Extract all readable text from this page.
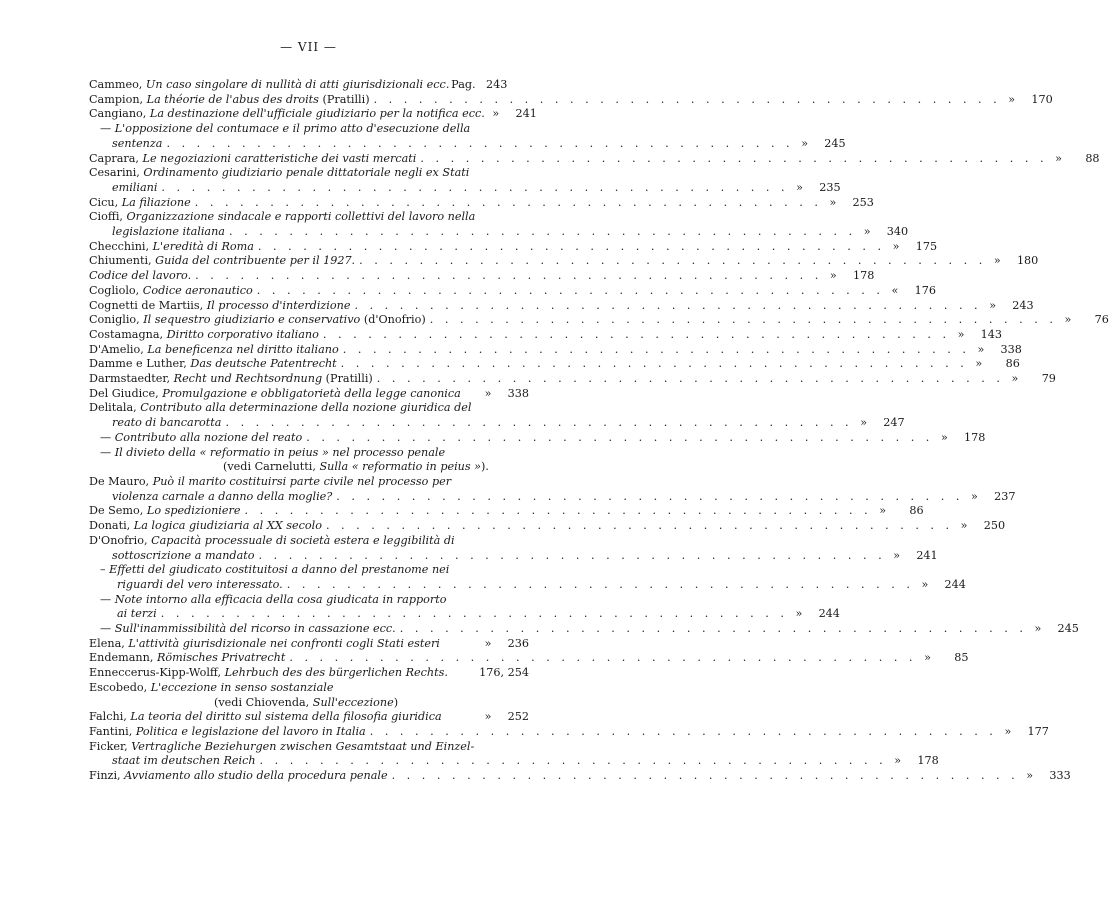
— VII —
Cammeo, Un caso singolare di nullità di atti giurisdizionali ecc. Pag. 243
Campion, La théorie de l'abus des droits (Pratilli) . . .	»	170
Cangiano, La destinazione dell'ufficiale giudiziario per la notifica ecc. »	241
— L'opposizione del contumace e il primo atto d'esecuzione della
sentenza . . .	»	245
Caprara, Le negoziazioni caratteristiche dei vasti mercati . . .	»	88
Cesarini, Ordinamento giudiziario penale dittatoriale negli ex Stati
emiliani . . .	»	235
Cicu, La filiazione . . .	»	253
Cioffi, Organizzazione sindacale e rapporti collettivi del lavoro nella
legislazione italiana . . .	»	340
Checchini, L'eredità di Roma . . .	»	175
Chiumenti, Guida del contribuente per il 1927. . . .	»	180
Codice del lavoro. . . .	»	178
Cogliolo, Codice aeronautico . . .	«	176
Cognetti de Martiis, Il processo d'interdizione . . .	»	243
Coniglio, Il sequestro giudiziario e conservativo (d'Onofrio) . . .	»	76
Costamagna, Diritto corporativo italiano . . .	»	143
D'Amelio, La beneficenza nel diritto italiano . . .	»	338
Damme e Luther, Das deutsche Patentrecht . . .	»	86
Darmstaedter, Recht und Rechtsordnung (Pratilli) . . .	»	79
Del Giudice, Promulgazione e obbligatorietà della legge canonica	»	338
Delitala, Contributo alla determinazione della nozione giuridica del
reato di bancarotta . . .	»	247
— Contributo alla nozione del reato . . .	»	178
— Il divieto della « reformatio in peius » nel processo penale
(vedi Carnelutti, Sulla « reformatio in peius »).
De Mauro, Può il marito costituirsi parte civile nel processo per
violenza carnale a danno della moglie? . . .	»	237
De Semo, Lo spedizioniere . . .	»	86
Donati, La logica giudiziaria al XX secolo . . .	»	250
D'Onofrio, Capacità processuale di società estera e leggibilità di
sottoscrizione a mandato . . .	»	241
– Effetti del giudicato costituitosi a danno del prestanome nei
riguardi del vero interessato. . . .	»	244
— Note intorno alla efficacia della cosa giudicata in rapporto
ai terzi . . .	»	244
— Sull'inammissibilità del ricorso in cassazione ecc. . . .	»	245
Elena, L'attività giurisdizionale nei confronti cogli Stati esteri	»	236
Endemann, Römisches Privatrecht . . .	»	85
Enneccerus-Kipp-Wolff, Lehrbuch des des bürgerlichen Rechts.	176, 254
Escobedo, L'eccezione in senso sostanziale
(vedi Chiovenda, Sull'eccezione)
Falchi, La teoria del diritto sul sistema della filosofia giuridica	»	252
Fantini, Politica e legislazione del lavoro in Italia . . .	»	177
Ficker, Vertragliche Beziehurgen zwischen Gesamtstaat und Einzel-
staat im deutschen Reich . . .	»	178
Finzi, Avviamento allo studio della procedura penale . . .	»	333
